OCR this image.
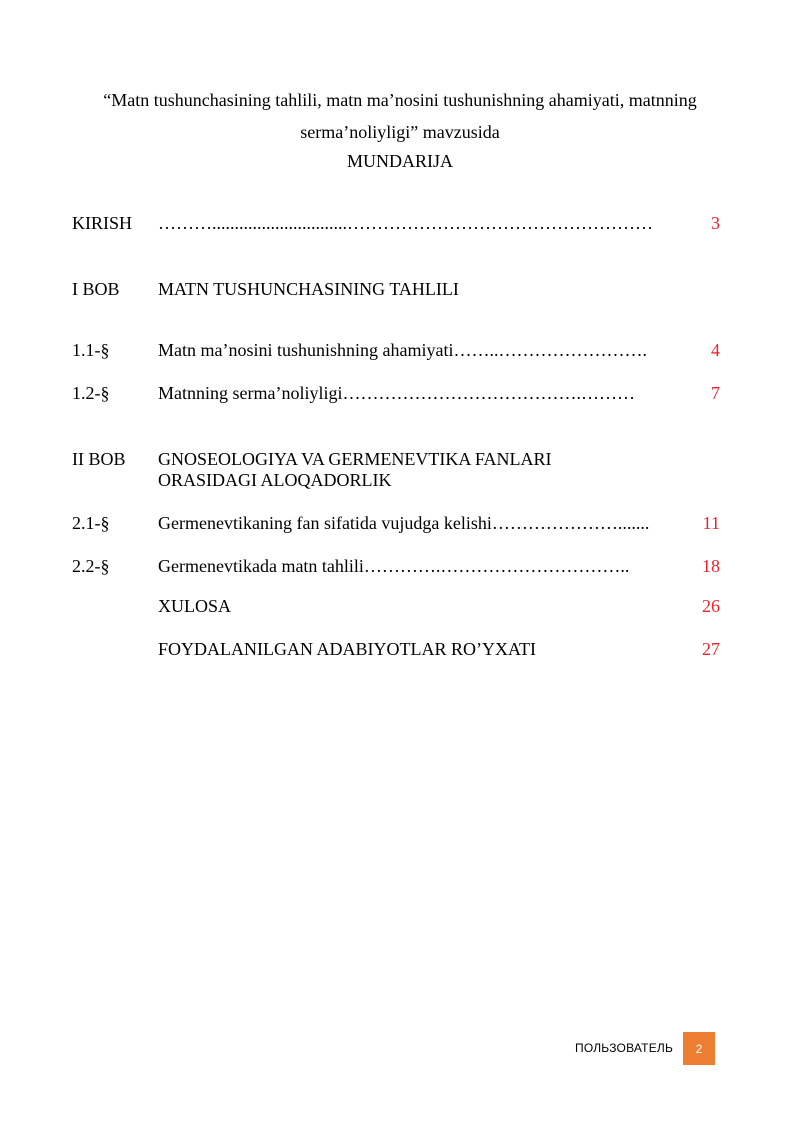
“Matn tushunchasining tahlili, matn ma’nosini tushunishning ahamiyati, matnning serma’noliyligi” mavzusida
MUNDARIJA
KIRISH ………..............................……………………………………………	3
I BOB MATN TUSHUNCHASINING TAHLILI
1.1-§	Matn ma’nosini tushunishning ahamiyati……..…………………….	4
1.2-§	Matnning serma’noliyligi………………………………….………	7
II BOB GNOSEOLOGIYA VA GERMENEVTIKA FANLARI
ORASIDAGI ALOQADORLIK
2.1-§	Germenevtikaning fan sifatida vujudga kelishi………………….......	11
2.2-§	Germenevtikada matn tahlili………….…………………………..	18
XULOSA	26
FOYDALANILGAN ADABIYOTLAR RO’YXATI	27
ПОЛЬЗОВАТЕЛЬ	2
